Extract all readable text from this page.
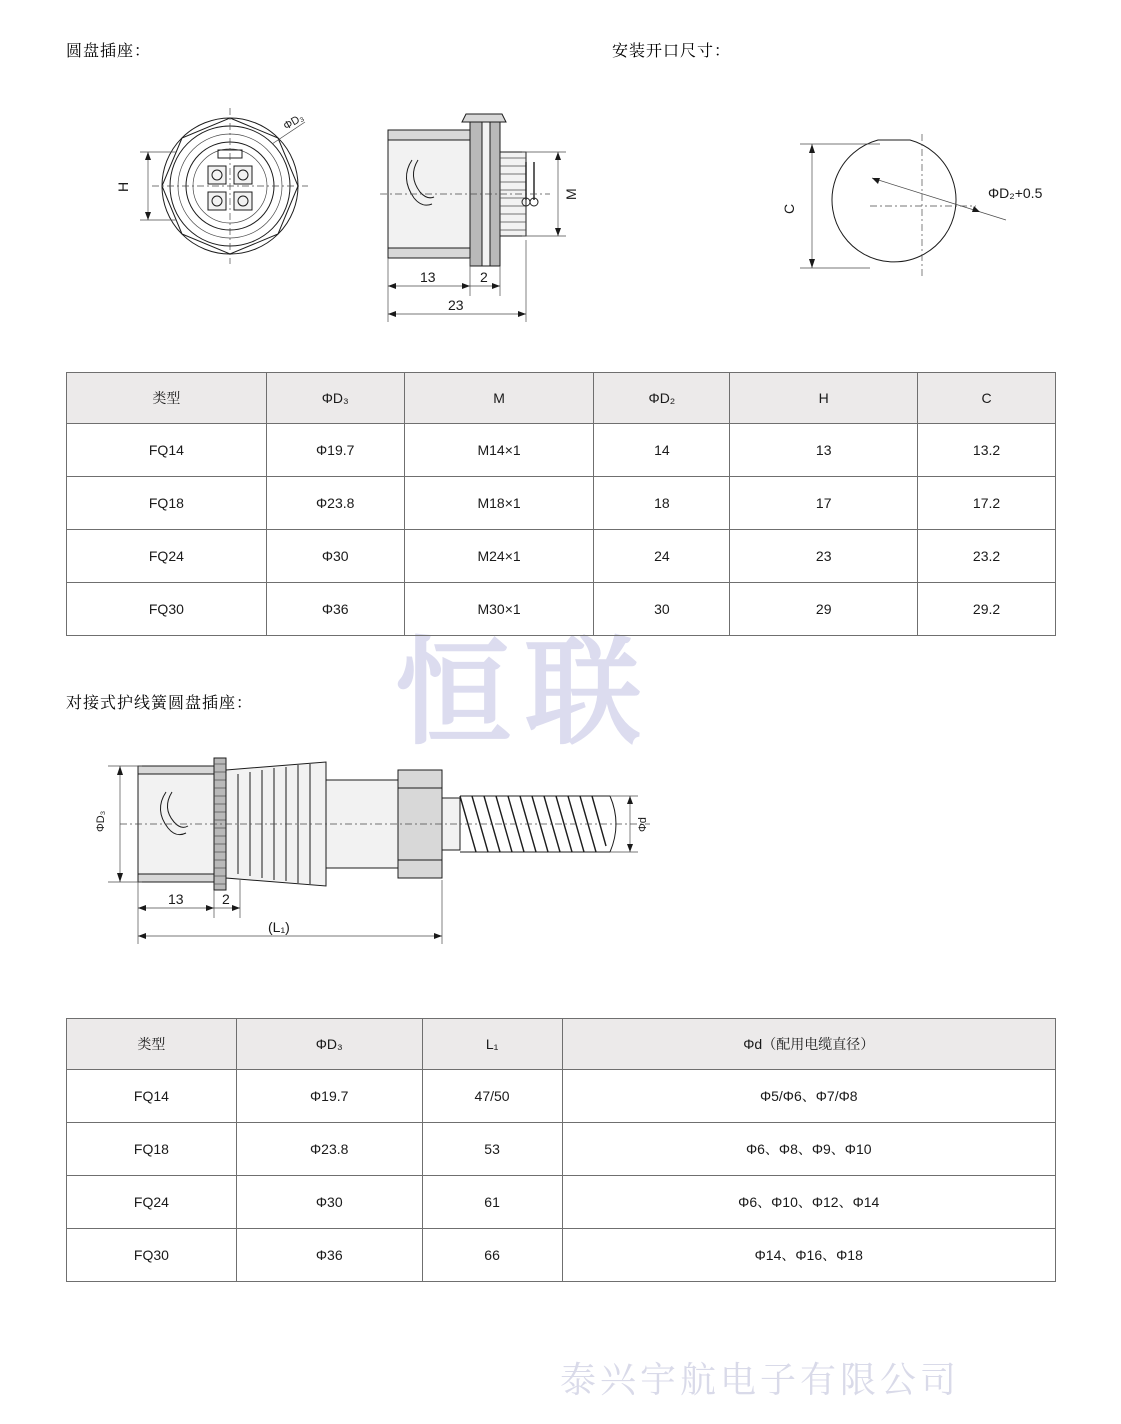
圆盘插座：	安装开口尺寸：
对接式护线簧圆盘插座： 恒联
泰兴宇航电子有限公司
ΦD₃
H
M
13	2
23
C
ΦD₂+0.5
ΦD₃	Φd
13	2
(L₁)
类型	ΦD₃	M	ΦD₂	H	C
FQ14	Φ19.7	M14×1	14	13	13.2
FQ18	Φ23.8	M18×1	18	17	17.2
FQ24	Φ30	M24×1	24	23	23.2
FQ30	Φ36	M30×1	30	29	29.2
类型	ΦD₃	L₁	Φd（配用电缆直径）
FQ14	Φ19.7	47/50	Φ5/Φ6、Φ7/Φ8
FQ18	Φ23.8	53	Φ6、Φ8、Φ9、Φ10
FQ24	Φ30	61	Φ6、Φ10、Φ12、Φ14
FQ30	Φ36	66	Φ14、Φ16、Φ18
